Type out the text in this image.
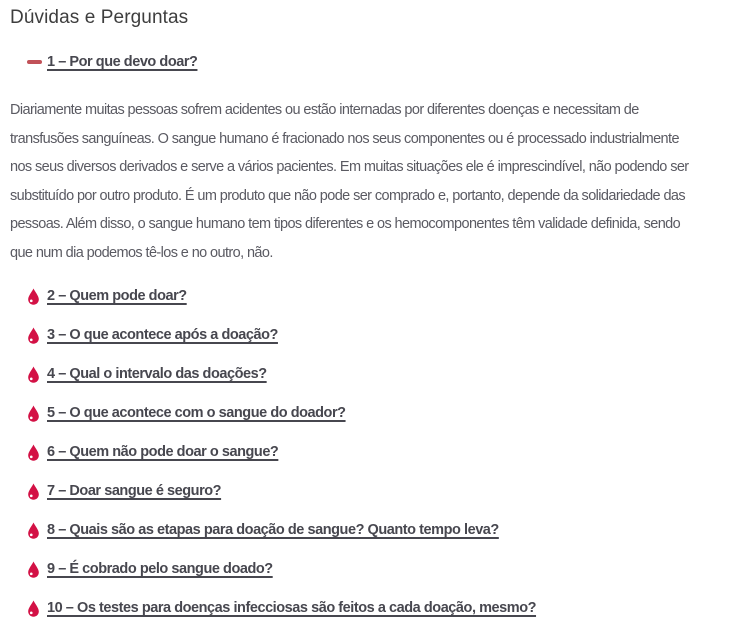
Dúvidas e Perguntas
1 – Por que devo doar?
Diariamente muitas pessoas sofrem acidentes ou estão internadas por diferentes doenças e necessitam de
transfusões sanguíneas. O sangue humano é fracionado nos seus componentes ou é processado industrialmente
nos seus diversos derivados e serve a vários pacientes. Em muitas situações ele é imprescindível, não podendo ser
substituído por outro produto. É um produto que não pode ser comprado e, portanto, depende da solidariedade das
pessoas. Além disso, o sangue humano tem tipos diferentes e os hemocomponentes têm validade definida, sendo
que num dia podemos tê-los e no outro, não.
2 – Quem pode doar?
3 – O que acontece após a doação?
4 – Qual o intervalo das doações?
5 – O que acontece com o sangue do doador?
6 – Quem não pode doar o sangue?
7 – Doar sangue é seguro?
8 – Quais são as etapas para doação de sangue? Quanto tempo leva?
9 – É cobrado pelo sangue doado?
10 – Os testes para doenças infecciosas são feitos a cada doação, mesmo?
